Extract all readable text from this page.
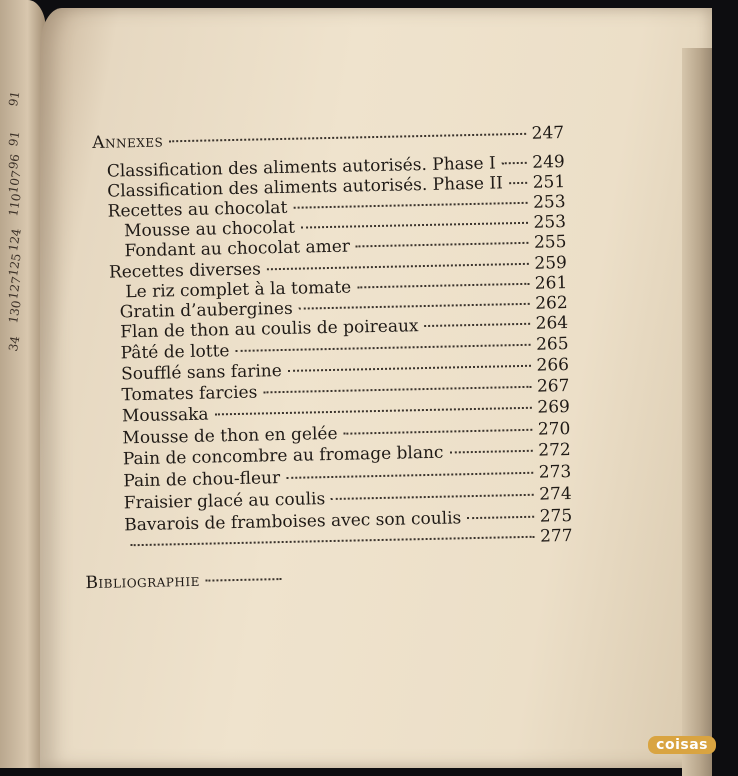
91
91
96
107
110
124
125
127
130
34
Annexes	247
Classification des aliments autorisés. Phase I 249
Classification des aliments autorisés. Phase II 251
Recettes au chocolat	253
Mousse au chocolat	253
Fondant au chocolat amer	255
Recettes diverses	259
Le riz complet à la tomate	261
Gratin d’aubergines	262
Flan de thon au coulis de poireaux	264
Pâté de lotte	265
Soufflé sans farine	266
Tomates farcies	267
Moussaka	269
Mousse de thon en gelée	270
Pain de concombre au fromage blanc	272
Pain de chou-fleur	273
Fraisier glacé au coulis	274
Bavarois de framboises avec son coulis	275
277
Bibliographie
coisas
